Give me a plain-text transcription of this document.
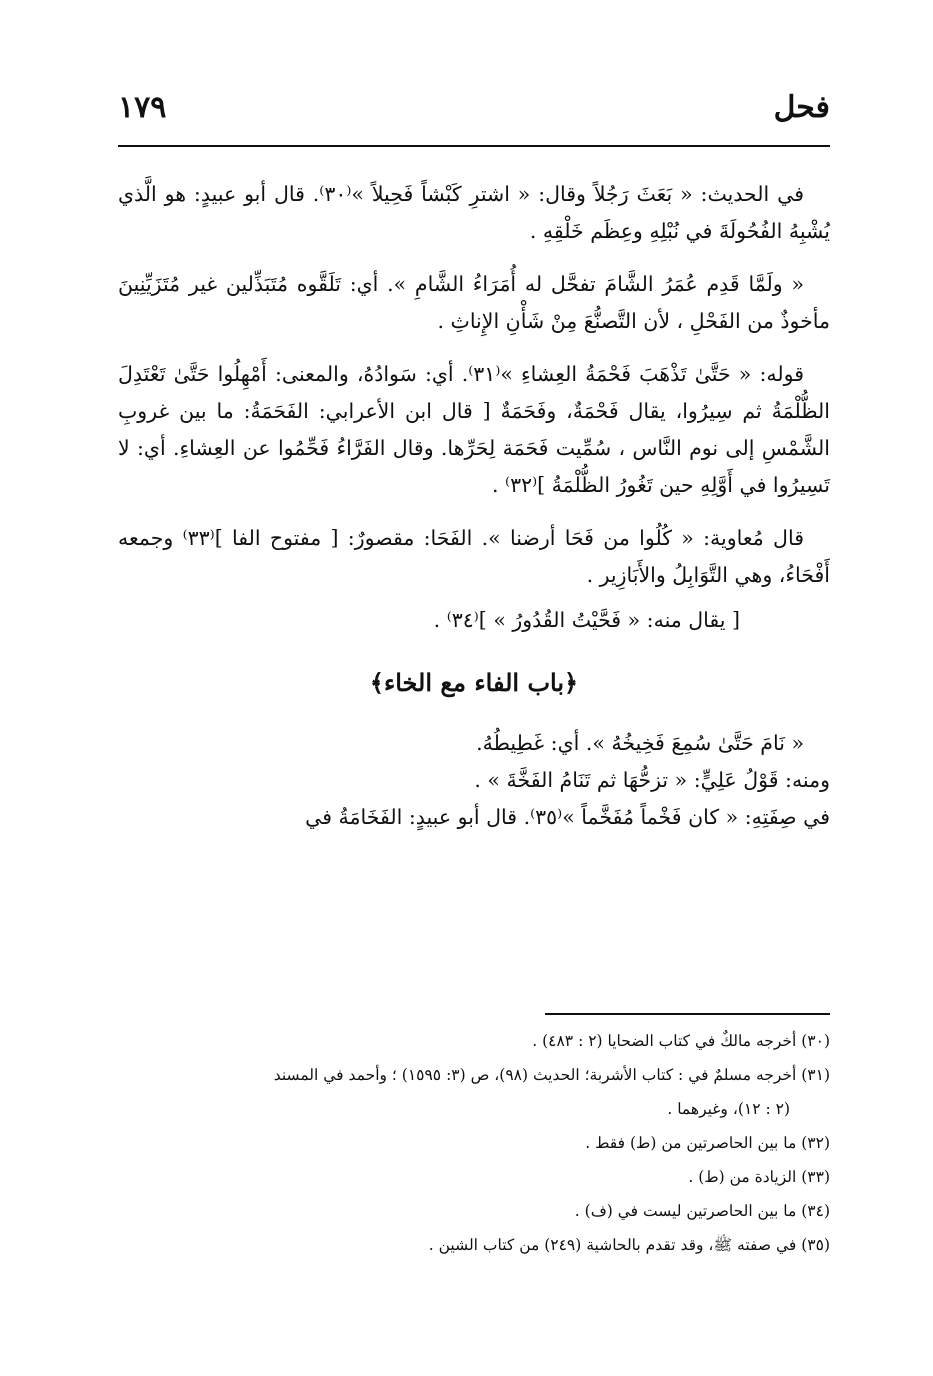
فحل
١٧٩

في الحديث: « بَعَثَ رَجُلاً وقال: « اشترِ كَبْشاً فَحِيلاً »⁽٣٠⁾. قال أبو عبيدٍ: هو الَّذي يُشْبِهُ الفُحُولَةَ في نُبْلِهِ وعِظَم خَلْقِهِ .

« ولَمَّا قَدِم عُمَرُ الشَّامَ تفحَّل له أُمَرَاءُ الشَّامِ ». أي: تَلَقَّوه مُتَبَذِّلين غير مُتَزَيِّنِينَ مأخوذٌ من الفَحْلِ ، لأن التَّصنُّعَ مِنْ شَأْنِ الإِناثِ .

قوله: « حَتَّىٰ تَذْهَبَ فَحْمَةُ العِشاءِ »⁽٣١⁾. أي: سَوادُهُ، والمعنى: أَمْهِلُوا حَتَّىٰ تَعْتَدِلَ الظُّلْمَةُ ثم سِيرُوا، يقال فَحْمَةٌ، وفَحَمَةٌ [ قال ابن الأعرابي: الفَحَمَةُ: ما بين غروبِ الشَّمْسِ إلى نوم النَّاس ، سُمِّيت فَحَمَة لِحَرِّها. وقال الفَرَّاءُ فَحِّمُوا عن العِشاءِ. أي: لا تَسِيرُوا في أَوَّلِهِ حين تَغُورُ الظُّلْمَةُ ]⁽٣٢⁾ .

قال مُعاوية: « كُلُوا من فَحَا أرضنا ». الفَحَا: مقصورٌ: [ مفتوح الفا ]⁽٣٣⁾ وجمعه أَفْحَاءُ، وهي التَّوَابِلُ والأَبَازِير .

[ يقال منه: « فَحَّيْتُ القُدُورُ » ]⁽٣٤⁾ .

﴿باب الفاء مع الخاء﴾

« نَامَ حَتَّىٰ سُمِعَ فَخِيخُهُ ». أي: غَطِيطُهُ.

ومنه: قَوْلُ عَلِيٍّ: « تزحُّهَا ثم تَنَامُ الفَخَّةَ » .

في صِفَتِهِ: « كان فَخْماً مُفَخَّماً »⁽٣٥⁾. قال أبو عبيدٍ: الفَخَامَةُ في

(٣٠) أخرجه مالكٌ في كتاب الضحايا (٢ : ٤٨٣) .

(٣١) أخرجه مسلمٌ في : كتاب الأشربة؛ الحديث (٩٨)، ص (٣: ١٥٩٥) ؛ وأحمد في المسند

(٢ : ١٢)، وغيرهما .

(٣٢) ما بين الحاصرتين من (ط) فقط .

(٣٣) الزيادة من (ط) .

(٣٤) ما بين الحاصرتين ليست في (ف) .

(٣٥) في صفته ﷺ، وقد تقدم بالحاشية (٢٤٩) من كتاب الشين .
